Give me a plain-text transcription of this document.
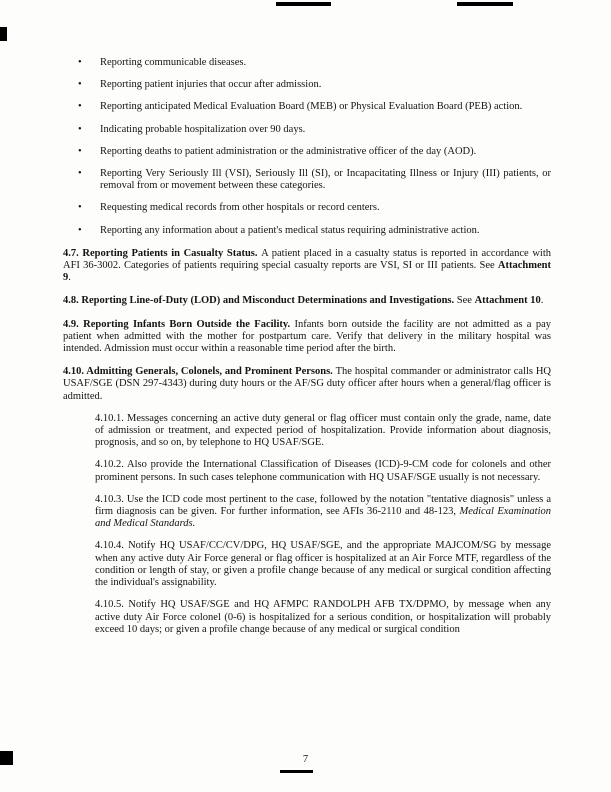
• Reporting communicable diseases.
• Reporting patient injuries that occur after admission.
• Reporting anticipated Medical Evaluation Board (MEB) or Physical Evaluation Board (PEB) action.
• Indicating probable hospitalization over 90 days.
• Reporting deaths to patient administration or the administrative officer of the day (AOD).
• Reporting Very Seriously Ill (VSI), Seriously Ill (SI), or Incapacitating Illness or Injury (III) patients, or removal from or movement between these categories.
• Requesting medical records from other hospitals or record centers.
• Reporting any information about a patient's medical status requiring administrative action.
4.7. Reporting Patients in Casualty Status. A patient placed in a casualty status is reported in accordance with AFI 36-3002. Categories of patients requiring special casualty reports are VSI, SI or III patients. See Attachment 9.
4.8. Reporting Line-of-Duty (LOD) and Misconduct Determinations and Investigations. See Attachment 10.
4.9. Reporting Infants Born Outside the Facility. Infants born outside the facility are not admitted as a pay patient when admitted with the mother for postpartum care. Verify that delivery in the military hospital was intended. Admission must occur within a reasonable time period after the birth.
4.10. Admitting Generals, Colonels, and Prominent Persons. The hospital commander or administrator calls HQ USAF/SGE (DSN 297-4343) during duty hours or the AF/SG duty officer after hours when a general/flag officer is admitted.
4.10.1. Messages concerning an active duty general or flag officer must contain only the grade, name, date of admission or treatment, and expected period of hospitalization. Provide information about diagnosis, prognosis, and so on, by telephone to HQ USAF/SGE.
4.10.2. Also provide the International Classification of Diseases (ICD)-9-CM code for colonels and other prominent persons. In such cases telephone communication with HQ USAF/SGE usually is not necessary.
4.10.3. Use the ICD code most pertinent to the case, followed by the notation "tentative diagnosis" unless a firm diagnosis can be given. For further information, see AFIs 36-2110 and 48-123, Medical Examination and Medical Standards.
4.10.4. Notify HQ USAF/CC/CV/DPG, HQ USAF/SGE, and the appropriate MAJCOM/SG by message when any active duty Air Force general or flag officer is hospitalized at an Air Force MTF, regardless of the condition or length of stay, or given a profile change because of any medical or surgical condition affecting the individual's assignability.
4.10.5. Notify HQ USAF/SGE and HQ AFMPC RANDOLPH AFB TX/DPMO, by message when any active duty Air Force colonel (0-6) is hospitalized for a serious condition, or hospitalization will probably exceed 10 days; or given a profile change because of any medical or surgical condition
7
